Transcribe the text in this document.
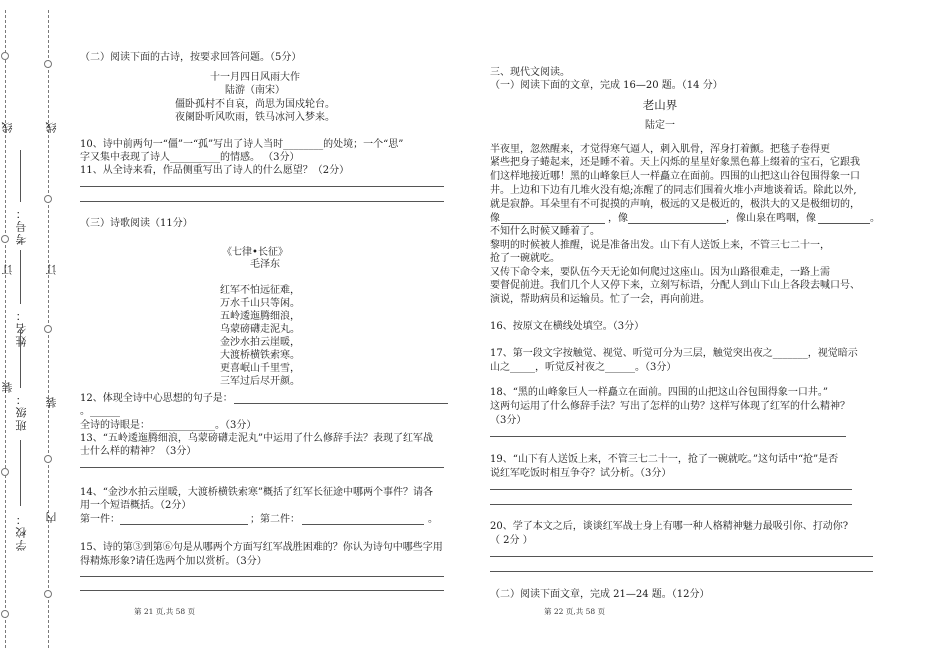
线
订
装
内
装
订
线
学校：
班级：
姓名：
考号：

（二）阅读下面的古诗，按要求回答问题。（5分）

十一月四日风雨大作

陆游（南宋）

僵卧孤村不自哀，尚思为国戍轮台。

夜阑卧听风吹雨，铁马冰河入梦来。

10、诗中前两句一“僵”一“孤”写出了诗人当时________的处境；一个“思”

字又集中表现了诗人__________的情感。 （3分）

11、从全诗来看，作品侧重写出了诗人的什么愿望？（2分）

（三）诗歌阅读（11分）

《七律•长征》

毛泽东

红军不怕远征难，

万水千山只等闲。

五岭逶迤腾细浪，

乌蒙磅礴走泥丸。

金沙水拍云崖暖，

大渡桥横铁索寒。

更喜岷山千里雪，

三军过后尽开颜。

12、体现全诗中心思想的句子是：

。______

全诗的诗眼是：_____________。（3分）

13、“五岭逶迤腾细浪，乌蒙磅礴走泥丸”中运用了什么修辞手法？表现了红军战

士什么样的精神？（3分）

14、“金沙水拍云崖暖，大渡桥横铁索寒”概括了红军长征途中哪两个事件？请各

用一个短语概括。（2分）

第一件：	；第二件：	。

15、诗的第③到第⑥句是从哪两个方面写红军战胜困难的？你认为诗句中哪些字用

得精炼形象?请任选两个加以赏析。（3分）

第 21 页,共 58 页

三、现代文阅读。

（一）阅读下面的文章，完成 16—20 题。（14 分）

老山界

陆定一

半夜里，忽然醒来，才觉得寒气逼人，刺入肌骨，浑身打着颤。把毯子卷得更

紧些把身子蜷起来，还是睡不着。天上闪烁的星星好象黑色幕上缀着的宝石，它跟我

们这样地接近哪！黑的山峰象巨人一样矗立在面前。四围的山把这山谷包围得象一口

井。上边和下边有几堆火没有熄;冻醒了的同志们围着火堆小声地谈着话。除此以外,

就是寂静。耳朵里有不可捉摸的声响，极远的又是极近的，极洪大的又是极细切的，

像	，像	，像山泉在鸣咽，像	。

不知什么时候又睡着了。

黎明的时候被人推醒，说是准备出发。山下有人送饭上来，不管三七二十一，

抢了一碗就吃。

又传下命令来，要队伍今天无论如何爬过这座山。因为山路很难走，一路上需

要督促前进。我们几个人又停下来，立刻写标语，分配人到山下山上各段去喊口号、

演说，帮助病员和运输员。忙了一会，再向前进。

16、按原文在横线处填空。（3分）

17、第一段文字按触觉、视觉、听觉可分为三层，触觉突出夜之_______，视觉暗示

山之_____，听觉反衬夜之______。（3分）

18、“黑的山峰象巨人一样矗立在面前。四围的山把这山谷包围得象一口井。”

这两句运用了什么修辞手法？写出了怎样的山势？这样写体现了红军的什么精神？

（3分）

19、“山下有人送饭上来，不管三七二十一，抢了一碗就吃。”这句话中“抢”是否

说红军吃饭时相互争夺？试分析。（3分）

20、学了本文之后，谈谈红军战士身上有哪一种人格精神魅力最吸引你、打动你?

（ 2分 ）

（二）阅读下面文章，完成 21—24 题。（12分）

第 22 页,共 58 页
